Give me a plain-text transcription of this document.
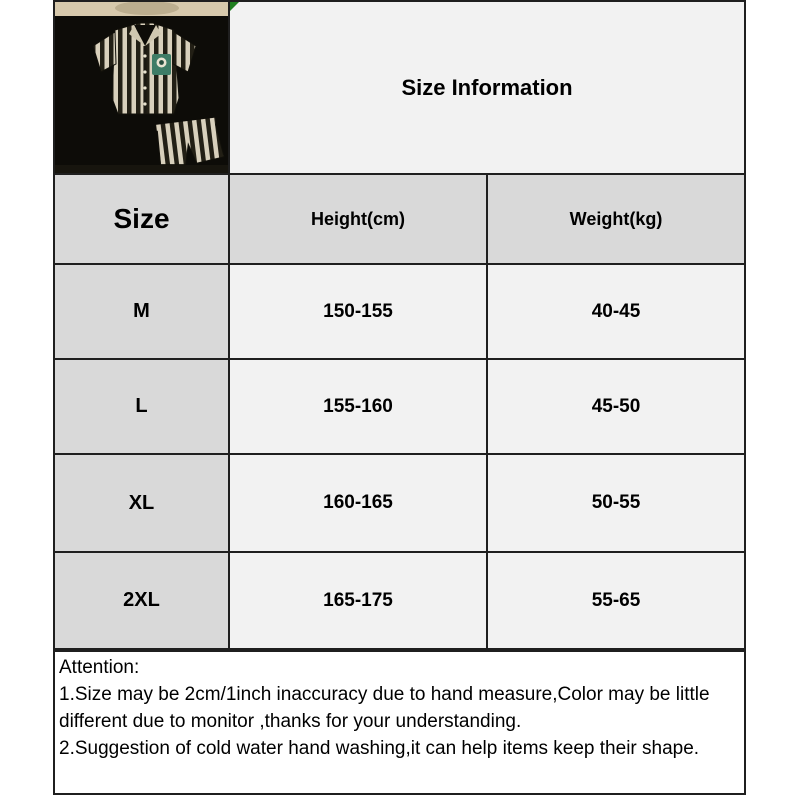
Size Information
Size	Height(cm)	Weight(kg)
M	150-155	40-45
L	155-160	45-50
XL	160-165	50-55
2XL	165-175	55-65
Attention:
1.Size may be 2cm/1inch inaccuracy due to hand measure,Color may be little
different due to monitor ,thanks for your understanding.
2.Suggestion of cold water hand washing,it can help items keep their shape.
